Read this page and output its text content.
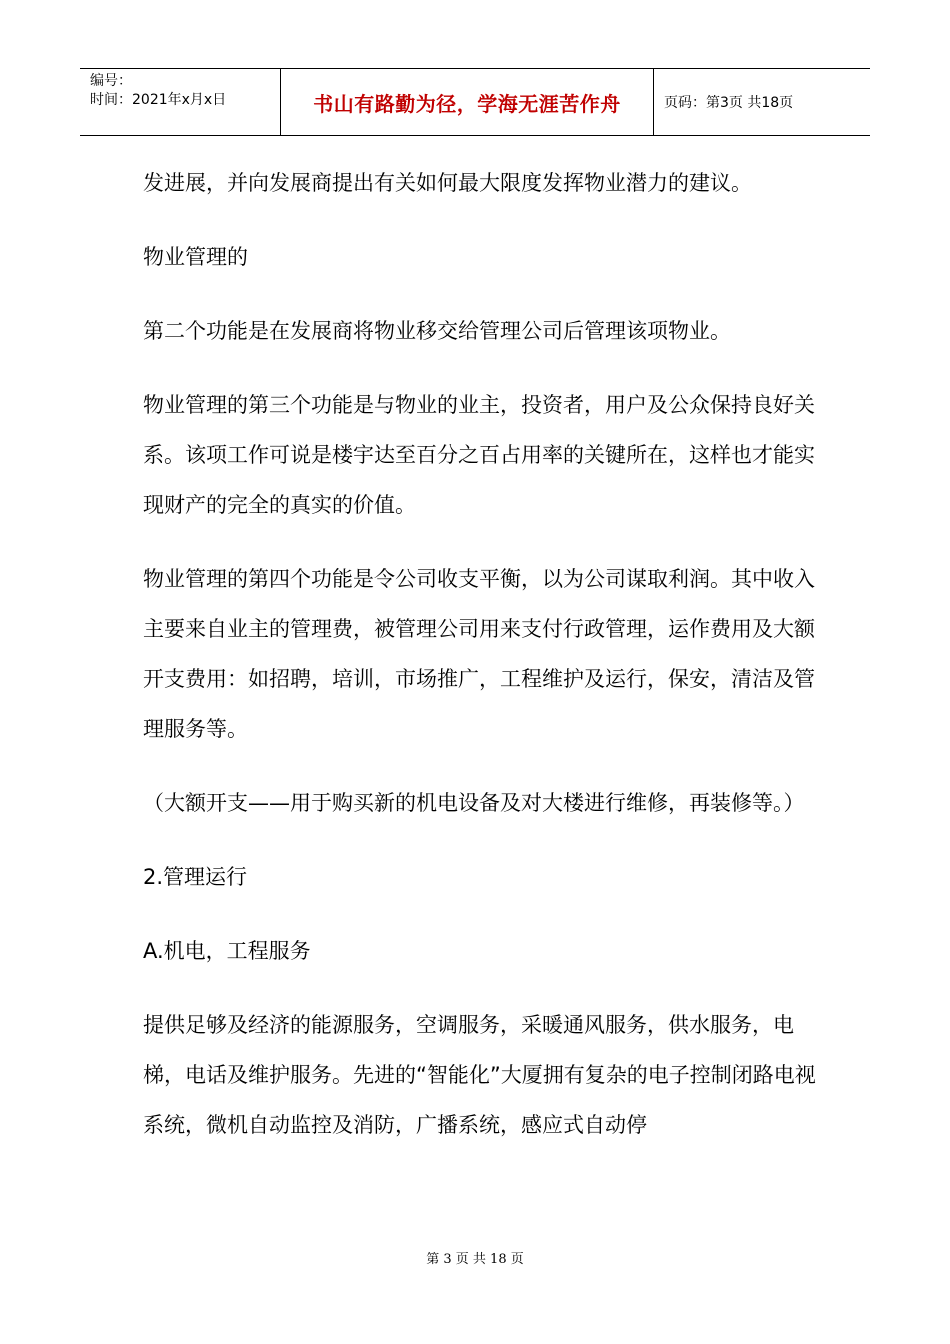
编号：
时间：2021年x月x日	书山有路勤为径，学海无涯苦作舟	页码：第3页 共18页

发进展，并向发展商提出有关如何最大限度发挥物业潜力的建议。

物业管理的

第二个功能是在发展商将物业移交给管理公司后管理该项物业。

物业管理的第三个功能是与物业的业主，投资者，用户及公众保持良好关系。该项工作可说是楼宇达至百分之百占用率的关键所在，这样也才能实现财产的完全的真实的价值。

物业管理的第四个功能是令公司收支平衡，以为公司谋取利润。其中收入主要来自业主的管理费，被管理公司用来支付行政管理，运作费用及大额开支费用：如招聘，培训，市场推广，工程维护及运行，保安，清洁及管理服务等。

（大额开支——用于购买新的机电设备及对大楼进行维修，再装修等。）

2.管理运行

A.机电，工程服务

提供足够及经济的能源服务，空调服务，采暖通风服务，供水服务，电梯，电话及维护服务。先进的“智能化”大厦拥有复杂的电子控制闭路电视系统，微机自动监控及消防，广播系统，感应式自动停

第 3 页 共 18 页
